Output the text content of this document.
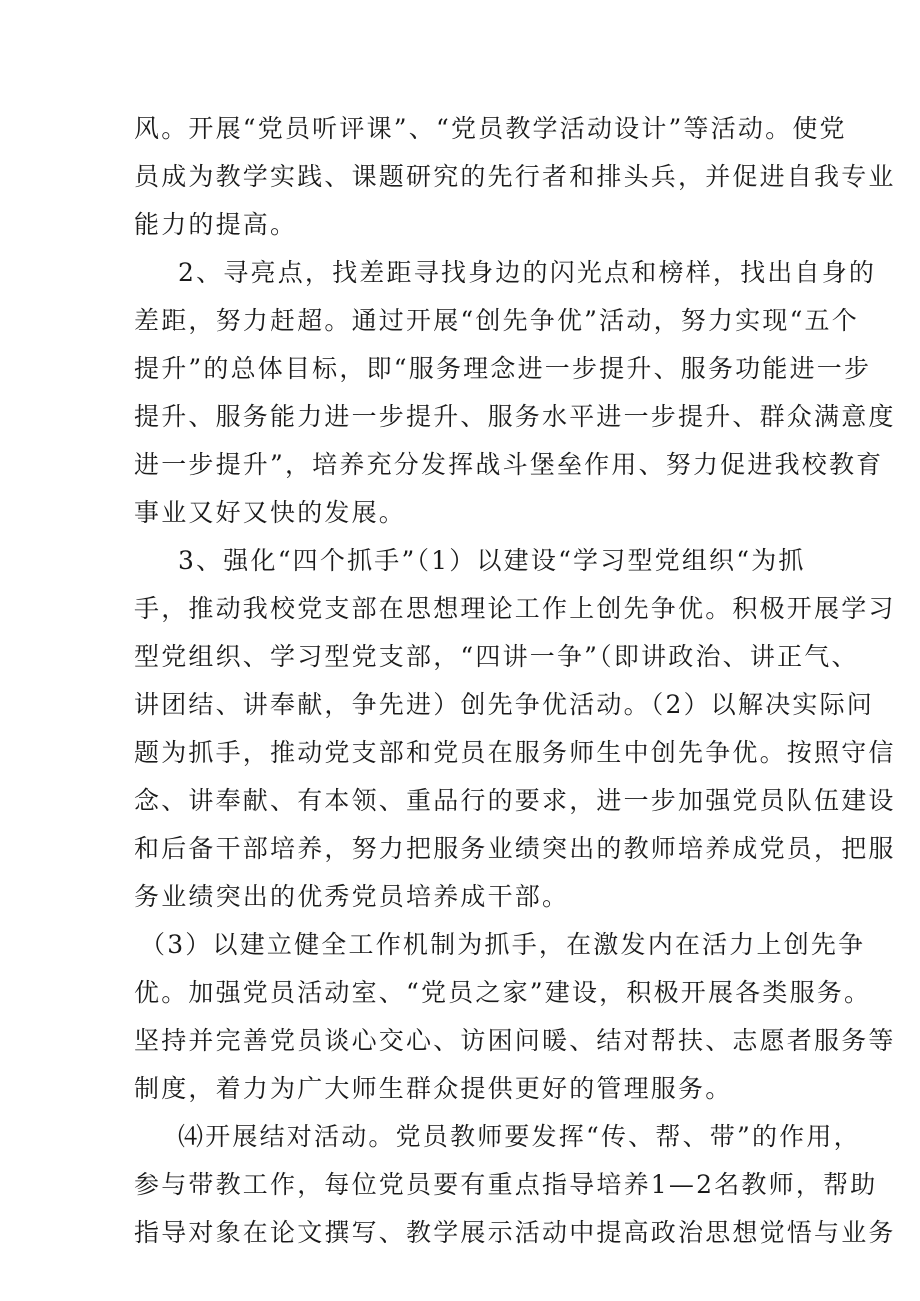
风。开展“党员听评课”、“党员教学活动设计”等活动。使党
员成为教学实践、课题研究的先行者和排头兵，并促进自我专业
能力的提高。
2、寻亮点，找差距寻找身边的闪光点和榜样，找出自身的
差距，努力赶超。通过开展“创先争优”活动，努力实现“五个
提升”的总体目标，即“服务理念进一步提升、服务功能进一步
提升、服务能力进一步提升、服务水平进一步提升、群众满意度
进一步提升”，培养充分发挥战斗堡垒作用、努力促进我校教育
事业又好又快的发展。
3、强化“四个抓手”（1）以建设“学习型党组织“为抓
手，推动我校党支部在思想理论工作上创先争优。积极开展学习
型党组织、学习型党支部，“四讲一争”（即讲政治、讲正气、
讲团结、讲奉献，争先进）创先争优活动。（2）以解决实际问
题为抓手，推动党支部和党员在服务师生中创先争优。按照守信
念、讲奉献、有本领、重品行的要求，进一步加强党员队伍建设
和后备干部培养，努力把服务业绩突出的教师培养成党员，把服
务业绩突出的优秀党员培养成干部。
（3）以建立健全工作机制为抓手，在激发内在活力上创先争
优。加强党员活动室、“党员之家”建设，积极开展各类服务。
坚持并完善党员谈心交心、访困问暖、结对帮扶、志愿者服务等
制度，着力为广大师生群众提供更好的管理服务。
⑷开展结对活动。党员教师要发挥“传、帮、带”的作用，
参与带教工作，每位党员要有重点指导培养1—2名教师，帮助
指导对象在论文撰写、教学展示活动中提高政治思想觉悟与业务
